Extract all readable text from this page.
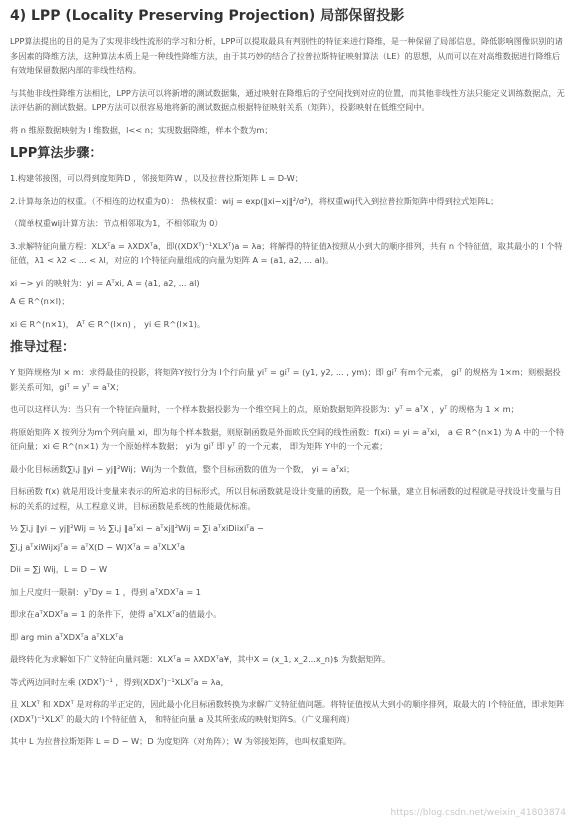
4) LPP (Locality Preserving Projection) 局部保留投影

LPP算法提出的目的是为了实现非线性流形的学习和分析，LPP可以提取最具有判别性的特征来进行降维，是一种保留了局部信息，降低影响图像识别的诸多因素的降维方法，这种算法本质上是一种线性降维方法，由于其巧妙的结合了拉普拉斯特征映射算法（LE）的思想，从而可以在对高维数据进行降维后有效地保留数据内部的非线性结构。

与其他非线性降维方法相比，LPP方法可以将新增的测试数据集，通过映射在降维后的子空间找到对应的位置，而其他非线性方法只能定义训练数据点，无法评估新的测试数据。LPP方法可以很容易地将新的测试数据点根据特征映射关系（矩阵），投影映射在低维空间中。

将 n 维原数据映射为 l 维数据，l<< n；实现数据降维，样本个数为m；

LPP算法步骤：

1.构建邻接图，可以得到度矩阵D ，邻接矩阵W ，以及拉普拉斯矩阵 L = D-W；

2.计算每条边的权重。（不相连的边权重为0）： 热核权重：wij = exp(‖xi−xj‖²/σ²)，将权重wij代入到拉普拉斯矩阵中得到拉式矩阵L；

（简单权重wij计算方法：节点相邻取为1，不相邻取为 0）

3.求解特征向量方程：XLXᵀa = λXDXᵀa，即((XDXᵀ)⁻¹XLXᵀ)a = λa；将解得的特征值λ按照从小到大的顺序排列，共有 n 个特征值，取其最小的 l 个特征值，λ1 < λ2 < ... < λl，对应的 l个特征向量组成的向量为矩阵 A = (a1, a2, ... al)。

xi −> yi 的映射为：yi = Aᵀxi, A = (a1, a2, ... al)

A ∈ R^(n×l)；

xi ∈ R^(n×1)， Aᵀ ∈ R^(l×n) ， yi ∈ R^(l×1)。

推导过程：

Y 矩阵规格为l × m：求得最佳的投影，将矩阵Y按行分为 l个行向量 yiᵀ = giᵀ = (y1, y2, ... , ym)；即 giᵀ 有m个元素， giᵀ 的规格为 1×m；则根据投影关系可知，giᵀ = yᵀ = aᵀX；

也可以这样认为：当只有一个特征向量时，一个样本数据投影为一个维空间上的点，原始数据矩阵投影为：yᵀ = aᵀX ，yᵀ 的规格为 1 × m；

将原始矩阵 X 按列分为m个列向量 xi，即为每个样本数据，则原制函数是外面欧氏空间的线性函数：f(xi) = yi = aᵀxi， a ∈ R^(n×1) 为 A 中的一个特征向量；xi ∈ R^(n×1) 为一个原始样本数据； yi为 giᵀ 即 yᵀ 的一个元素， 即为矩阵 Y中的一个元素；

最小化目标函数∑i,j ‖yi − yj‖²Wij；Wij为一个数值，整个目标函数的值为一个数， yi = aᵀxi；

目标函数 f(x) 就是用设计变量来表示的所追求的目标形式，所以目标函数就是设计变量的函数，是一个标量，建立目标函数的过程就是寻找设计变量与目标的关系的过程，从工程意义讲，目标函数是系统的性能最优标准。

½ ∑i,j ‖yi − yj‖²Wij = ½ ∑i,j ‖aᵀxi − aᵀxj‖²Wij = ∑i aᵀxiDiixiᵀa −

∑i,j aᵀxiWijxjᵀa = aᵀX(D − W)Xᵀa = aᵀXLXᵀa

Dii = ∑j Wij，L = D − W

加上尺度归一限制：yᵀDy = 1 ，得到 aᵀXDXᵀa = 1

即求在aᵀXDXᵀa = 1 的条件下，使得 aᵀXLXᵀa的值最小。

即 arg min aᵀXDXᵀa aᵀXLXᵀa

最终转化为求解如下广义特征向量问题：XLXᵀa = λXDXᵀa¥，其中X = (x_1, x_2...x_n)$ 为数据矩阵。

等式两边同时左乘 (XDXᵀ)⁻¹ ，得到(XDXᵀ)⁻¹XLXᵀa = λa，

且 XLXᵀ 和 XDXᵀ 是对称的半正定的，因此最小化目标函数转换为求解广义特征值问题。将特征值按从大到小的顺序排列，取最大的 l个特征值，即求矩阵(XDXᵀ)⁻¹XLXᵀ 的最大的 l个特征值 λ， 和特征向量 a 及其所张成的映射矩阵S。（广义瑞利商）

其中 L 为拉普拉斯矩阵 L = D − W；D 为度矩阵（对角阵）；W 为邻接矩阵，也叫权重矩阵。

https://blog.csdn.net/weixin_41803874
